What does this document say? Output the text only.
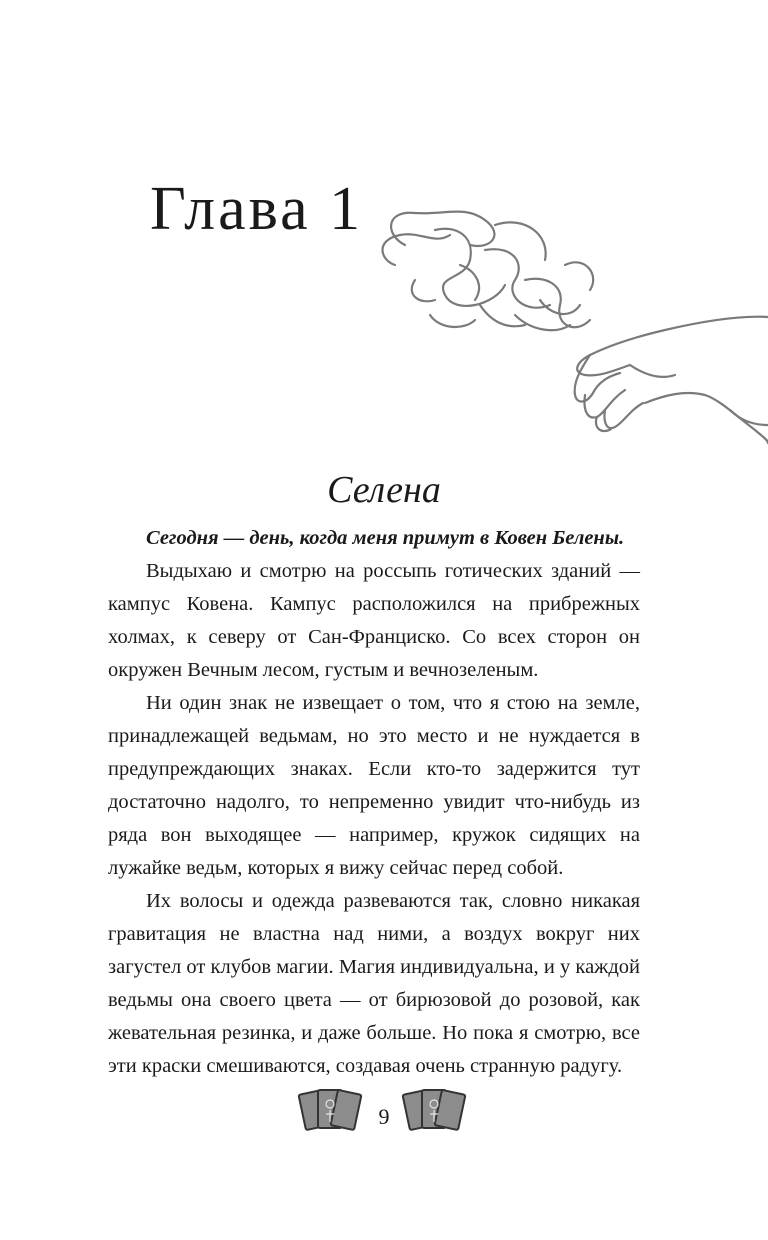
Глава 1
Селена

Сегодня — день, когда меня примут в Ковен Белены.

Выдыхаю и смотрю на россыпь готических зданий — кампус Ковена. Кампус расположился на прибрежных холмах, к северу от Сан-Франциско. Со всех сторон он окружен Вечным лесом, густым и вечнозеленым.

Ни один знак не извещает о том, что я стою на земле, принадлежащей ведьмам, но это место и не нуждается в предупреждающих знаках. Если кто-то задержится тут достаточно надолго, то непременно увидит что-нибудь из ряда вон выходящее — например, кружок сидящих на лужайке ведьм, которых я вижу сейчас перед собой.

Их волосы и одежда развеваются так, словно никакая гравитация не властна над ними, а воздух вокруг них загустел от клубов магии. Магия индивидуальна, и у каждой ведьмы она своего цвета — от бирюзовой до розовой, как жевательная резинка, и даже больше. Но пока я смотрю, все эти краски смешиваются, создавая очень странную радугу.

9
